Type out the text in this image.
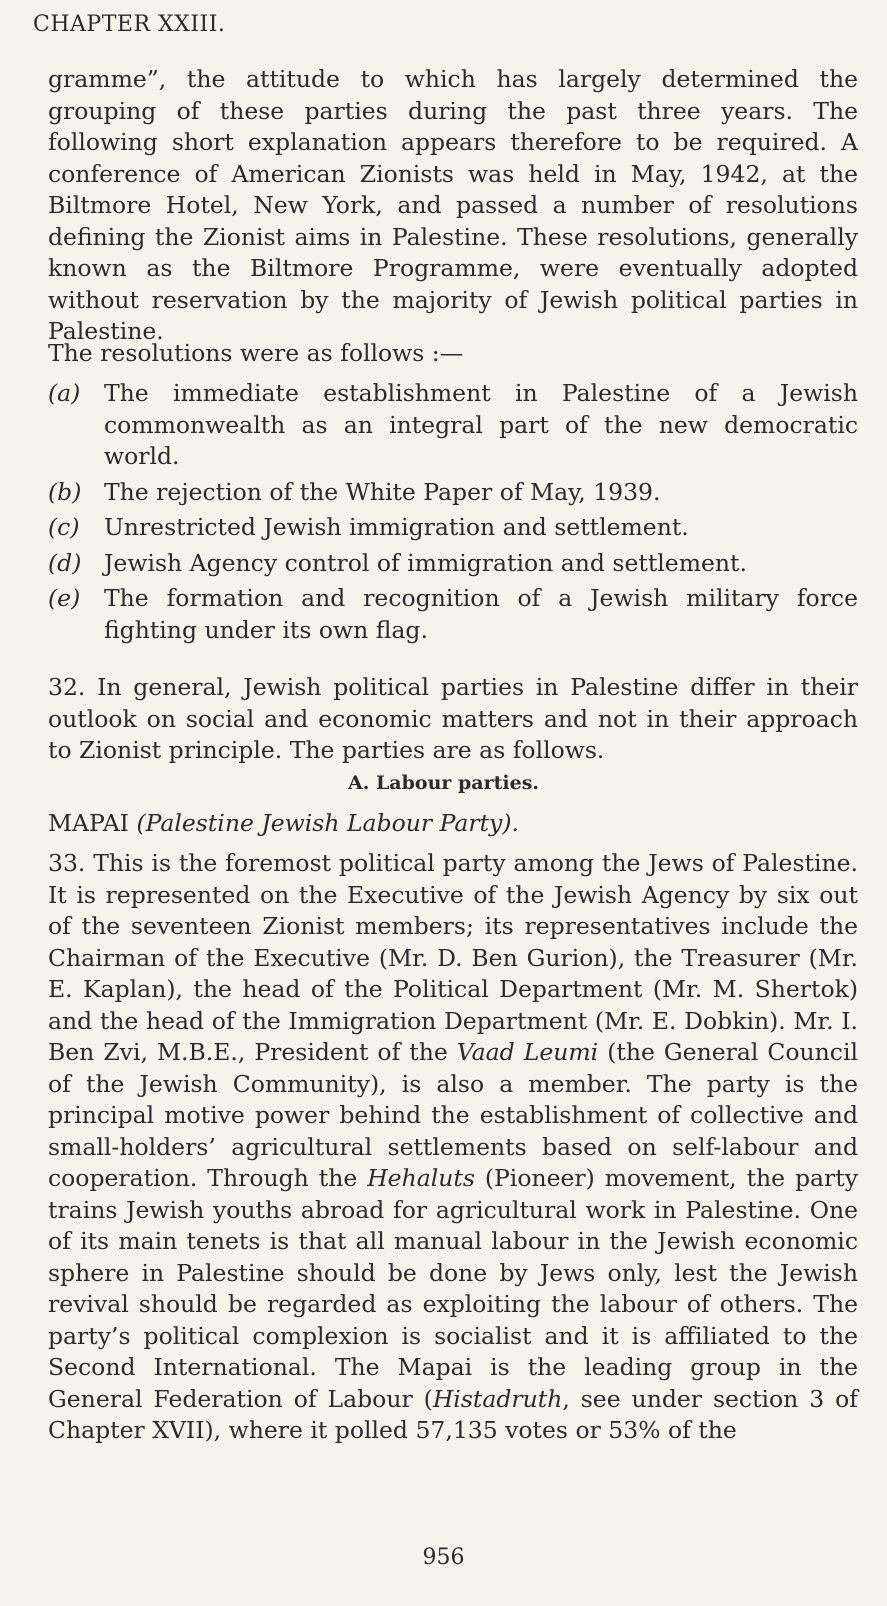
CHAPTER XXIII.

gramme”, the attitude to which has largely determined the grouping of these parties during the past three years. The following short explanation appears therefore to be required. A conference of American Zionists was held in May, 1942, at the Biltmore Hotel, New York, and passed a number of resolutions defining the Zionist aims in Palestine. These resolutions, generally known as the Biltmore Programme, were eventually adopted without reservation by the majority of Jewish political parties in Palestine.

The resolutions were as follows :—

(a)	The immediate establishment in Palestine of a Jewish commonwealth as an integral part of the new democratic world.
(b) The rejection of the White Paper of May, 1939.
(c)	Unrestricted Jewish immigration and settlement.
(d) Jewish Agency control of immigration and settlement.
(e)	The formation and recognition of a Jewish military force fighting under its own flag.

32. In general, Jewish political parties in Palestine differ in their outlook on social and economic matters and not in their approach to Zionist principle. The parties are as follows.

A. Labour parties.
MAPAI (Palestine Jewish Labour Party).

33. This is the foremost political party among the Jews of Palestine. It is represented on the Executive of the Jewish Agency by six out of the seventeen Zionist members; its representatives include the Chairman of the Executive (Mr. D. Ben Gurion), the Treasurer (Mr. E. Kaplan), the head of the Political Department (Mr. M. Shertok) and the head of the Immigration Department (Mr. E. Dobkin). Mr. I. Ben Zvi, M.B.E., President of the Vaad Leumi (the General Council of the Jewish Community), is also a member. The party is the principal motive power behind the establishment of collective and small-holders’ agricultural settlements based on self-labour and cooperation. Through the Hehaluts (Pioneer) movement, the party trains Jewish youths abroad for agricultural work in Palestine. One of its main tenets is that all manual labour in the Jewish economic sphere in Palestine should be done by Jews only, lest the Jewish revival should be regarded as exploiting the labour of others. The party’s political complexion is socialist and it is affiliated to the Second International. The Mapai is the leading group in the General Federation of Labour (Histadruth, see under section 3 of Chapter XVII), where it polled 57,135 votes or 53% of the

956
